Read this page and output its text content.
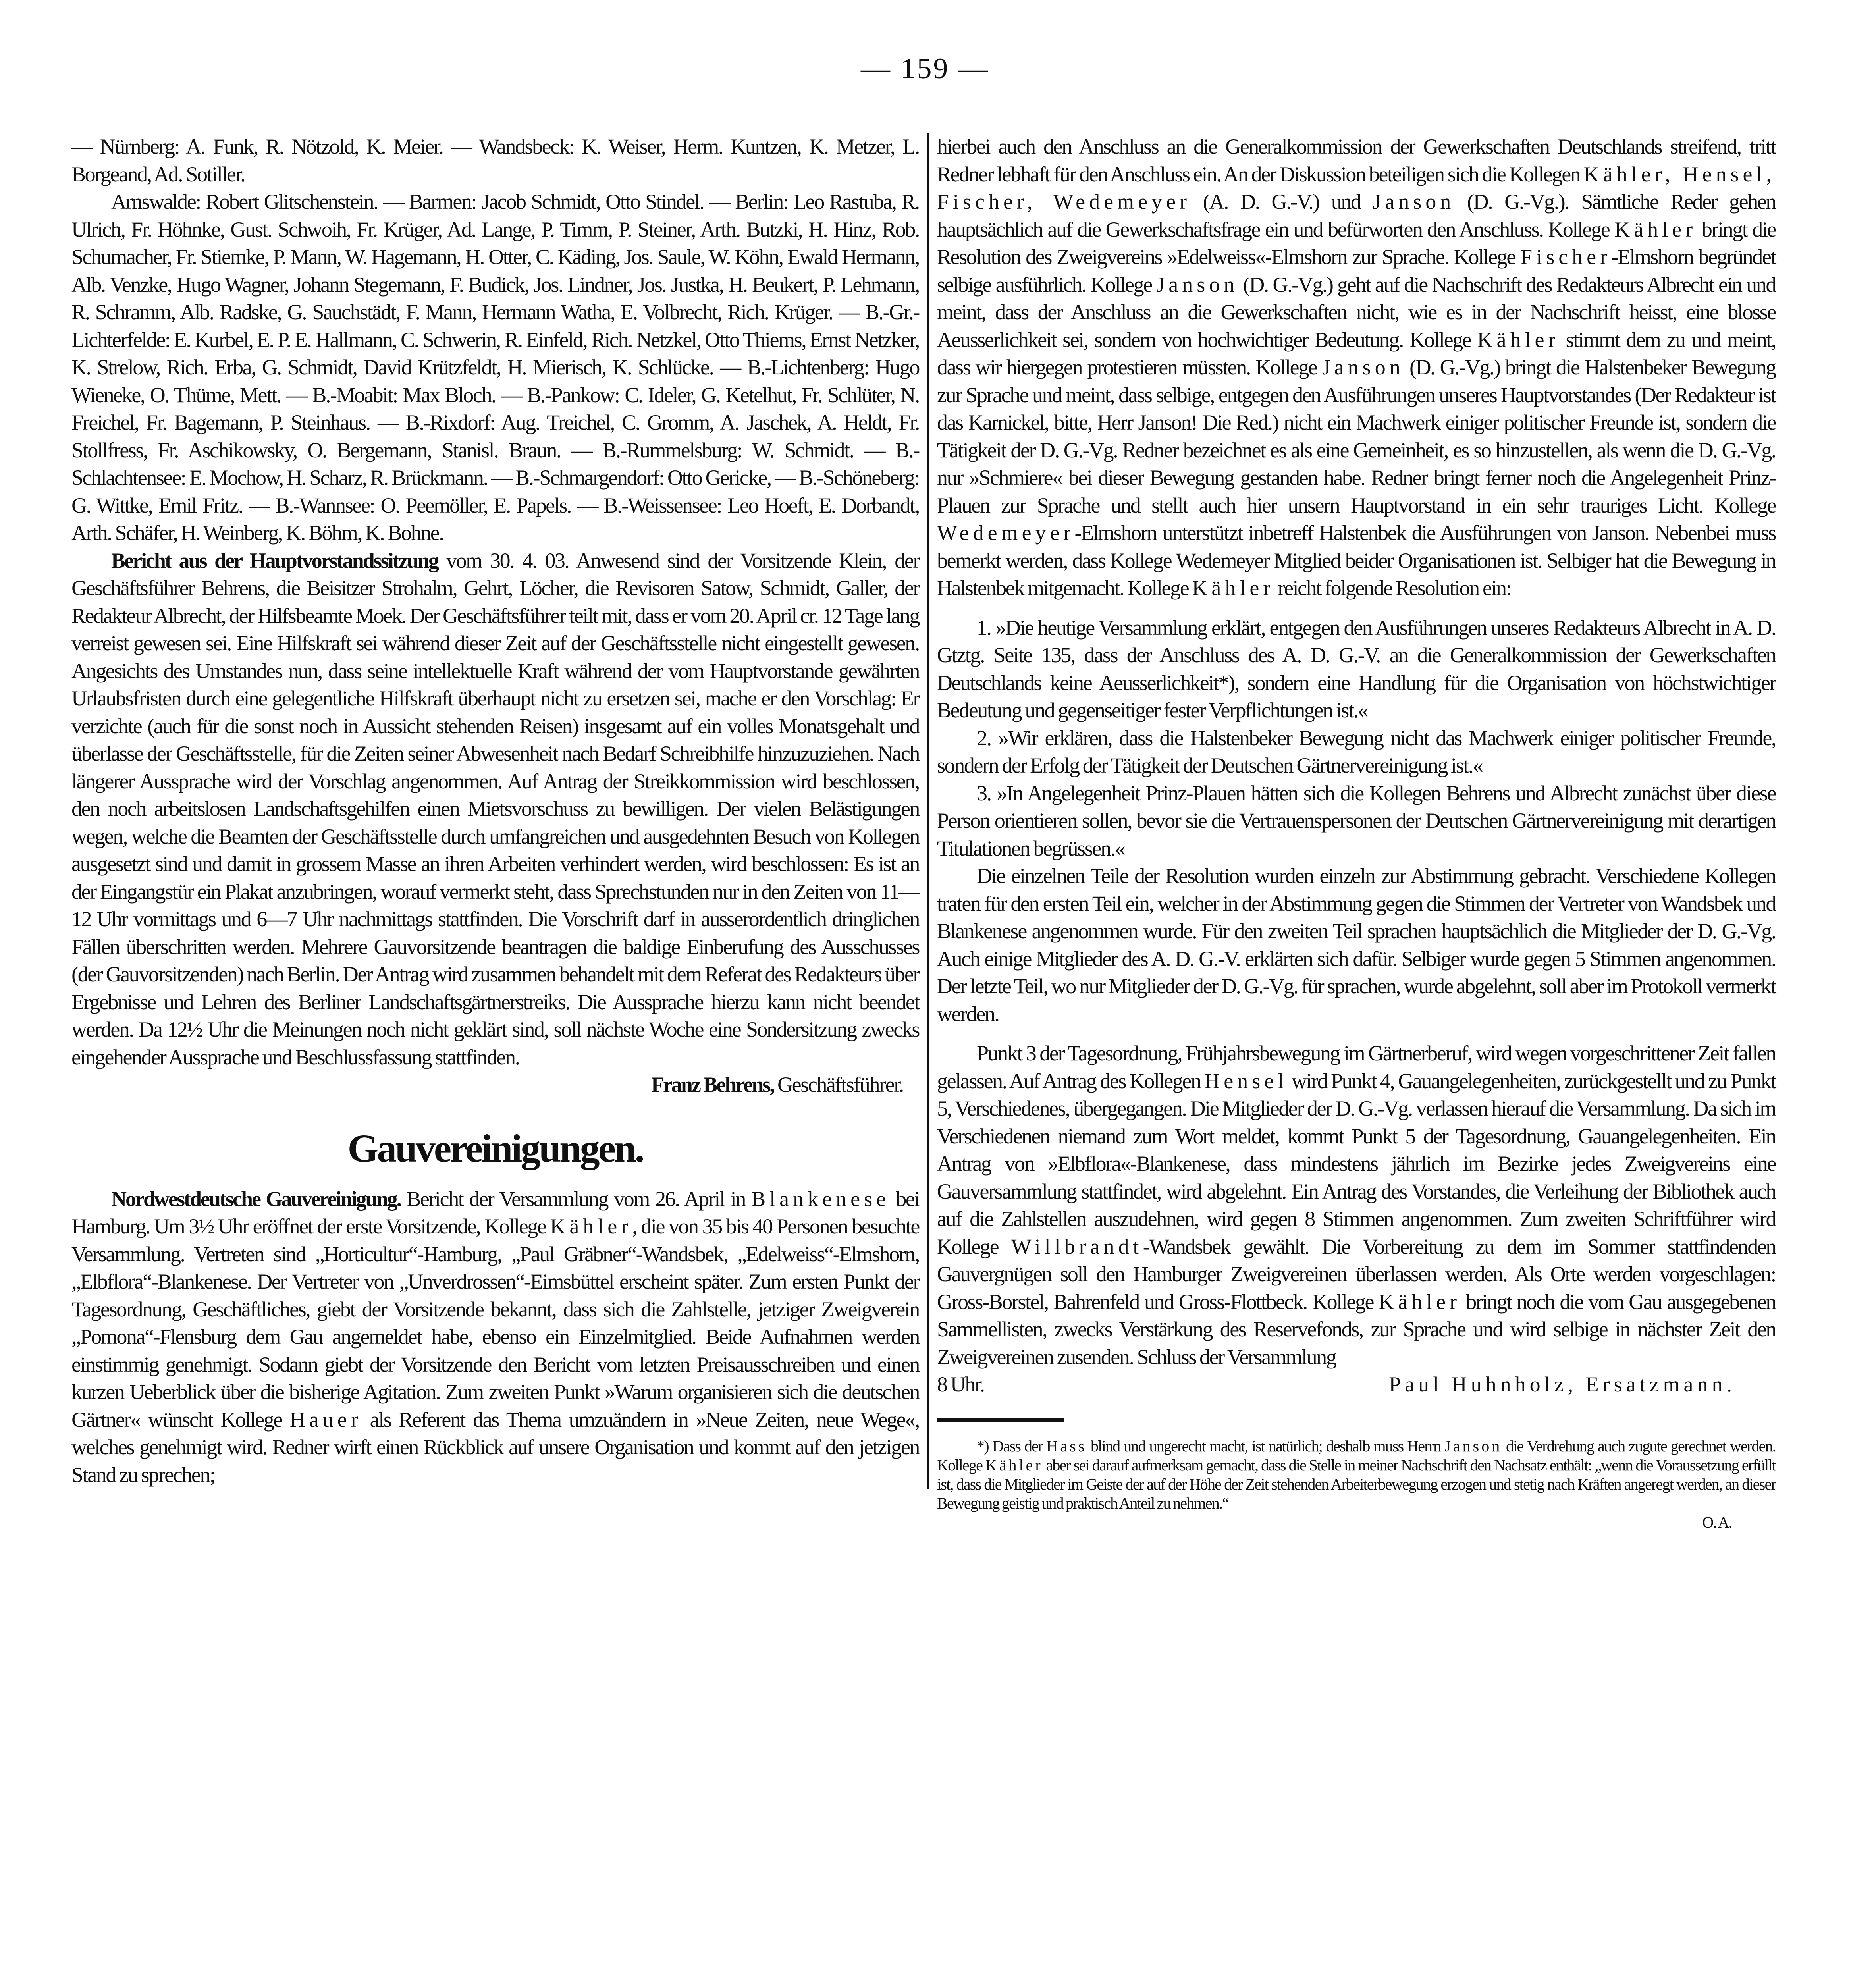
— 159 —

— Nürnberg: A. Funk, R. Nötzold, K. Meier. — Wandsbeck: K. Weiser, Herm. Kuntzen, K. Metzer, L. Borgeand, Ad. Sotiller.

Arnswalde: Robert Glitschenstein. — Barmen: Jacob Schmidt, Otto Stindel. — Berlin: Leo Rastuba, R. Ulrich, Fr. Höhnke, Gust. Schwoih, Fr. Krüger, Ad. Lange, P. Timm, P. Steiner, Arth. Butzki, H. Hinz, Rob. Schumacher, Fr. Stiemke, P. Mann, W. Hagemann, H. Otter, C. Käding, Jos. Saule, W. Köhn, Ewald Hermann, Alb. Venzke, Hugo Wagner, Johann Stegemann, F. Budick, Jos. Lindner, Jos. Justka, H. Beukert, P. Lehmann, R. Schramm, Alb. Radske, G. Sauchstädt, F. Mann, Hermann Watha, E. Volbrecht, Rich. Krüger. — B.-Gr.-Lichterfelde: E. Kurbel, E. P. E. Hallmann, C. Schwerin, R. Einfeld, Rich. Netzkel, Otto Thiems, Ernst Netzker, K. Strelow, Rich. Erba, G. Schmidt, David Krützfeldt, H. Mierisch, K. Schlücke. — B.-Lichtenberg: Hugo Wieneke, O. Thüme, Mett. — B.-Moabit: Max Bloch. — B.-Pankow: C. Ideler, G. Ketelhut, Fr. Schlüter, N. Freichel, Fr. Bagemann, P. Steinhaus. — B.-Rixdorf: Aug. Treichel, C. Gromm, A. Jaschek, A. Heldt, Fr. Stollfress, Fr. Aschikowsky, O. Bergemann, Stanisl. Braun. — B.-Rummelsburg: W. Schmidt. — B.-Schlachtensee: E. Mochow, H. Scharz, R. Brückmann. — B.-Schmargendorf: Otto Gericke, — B.-Schöneberg: G. Wittke, Emil Fritz. — B.-Wannsee: O. Peemöller, E. Papels. — B.-Weissensee: Leo Hoeft, E. Dorbandt, Arth. Schäfer, H. Weinberg, K. Böhm, K. Bohne.

Bericht aus der Hauptvorstandssitzung vom 30. 4. 03. Anwesend sind der Vorsitzende Klein, der Geschäftsführer Behrens, die Beisitzer Strohalm, Gehrt, Löcher, die Revisoren Satow, Schmidt, Galler, der Redakteur Albrecht, der Hilfsbeamte Moek. Der Geschäftsführer teilt mit, dass er vom 20. April cr. 12 Tage lang verreist gewesen sei. Eine Hilfskraft sei während dieser Zeit auf der Geschäftsstelle nicht eingestellt gewesen. Angesichts des Umstandes nun, dass seine intellektuelle Kraft während der vom Hauptvorstande gewährten Urlaubsfristen durch eine gelegentliche Hilfskraft überhaupt nicht zu ersetzen sei, mache er den Vorschlag: Er verzichte (auch für die sonst noch in Aussicht stehenden Reisen) insgesamt auf ein volles Monatsgehalt und überlasse der Geschäftsstelle, für die Zeiten seiner Abwesenheit nach Bedarf Schreibhilfe hinzuzuziehen. Nach längerer Aussprache wird der Vorschlag angenommen. Auf Antrag der Streikkommission wird beschlossen, den noch arbeitslosen Landschaftsgehilfen einen Mietsvorschuss zu bewilligen. Der vielen Belästigungen wegen, welche die Beamten der Geschäftsstelle durch umfangreichen und ausgedehnten Besuch von Kollegen ausgesetzt sind und damit in grossem Masse an ihren Arbeiten verhindert werden, wird beschlossen: Es ist an der Eingangstür ein Plakat anzubringen, worauf vermerkt steht, dass Sprechstunden nur in den Zeiten von 11—12 Uhr vormittags und 6—7 Uhr nachmittags stattfinden. Die Vorschrift darf in ausserordentlich dringlichen Fällen überschritten werden. Mehrere Gauvorsitzende beantragen die baldige Einberufung des Ausschusses (der Gauvorsitzenden) nach Berlin. Der Antrag wird zusammen behandelt mit dem Referat des Redakteurs über Ergebnisse und Lehren des Berliner Landschaftsgärtnerstreiks. Die Aussprache hierzu kann nicht beendet werden. Da 12½ Uhr die Meinungen noch nicht geklärt sind, soll nächste Woche eine Sondersitzung zwecks eingehender Aussprache und Beschlussfassung stattfinden.

Franz Behrens, Geschäftsführer.

Gauvereinigungen.

Nordwestdeutsche Gauvereinigung. Bericht der Versammlung vom 26. April in Blankenese bei Hamburg. Um 3½ Uhr eröffnet der erste Vorsitzende, Kollege Kähler, die von 35 bis 40 Personen besuchte Versammlung. Vertreten sind „Horticultur“-Hamburg, „Paul Gräbner“-Wandsbek, „Edelweiss“-Elmshorn, „Elbflora“-Blankenese. Der Vertreter von „Unverdrossen“-Eimsbüttel erscheint später. Zum ersten Punkt der Tagesordnung, Geschäftliches, giebt der Vorsitzende bekannt, dass sich die Zahlstelle, jetziger Zweigverein „Pomona“-Flensburg dem Gau angemeldet habe, ebenso ein Einzelmitglied. Beide Aufnahmen werden einstimmig genehmigt. Sodann giebt der Vorsitzende den Bericht vom letzten Preisausschreiben und einen kurzen Ueberblick über die bisherige Agitation. Zum zweiten Punkt »Warum organisieren sich die deutschen Gärtner« wünscht Kollege Hauer als Referent das Thema umzuändern in »Neue Zeiten, neue Wege«, welches genehmigt wird. Redner wirft einen Rückblick auf unsere Organisation und kommt auf den jetzigen Stand zu sprechen;

hierbei auch den Anschluss an die Generalkommission der Gewerkschaften Deutschlands streifend, tritt Redner lebhaft für den Anschluss ein. An der Diskussion beteiligen sich die Kollegen Kähler, Hensel, Fischer, Wedemeyer (A. D. G.-V.) und Janson (D. G.-Vg.). Sämtliche Reder gehen hauptsächlich auf die Gewerkschaftsfrage ein und befürworten den Anschluss. Kollege Kähler bringt die Resolution des Zweigvereins »Edelweiss«-Elmshorn zur Sprache. Kollege Fischer-Elmshorn begründet selbige ausführlich. Kollege Janson (D. G.-Vg.) geht auf die Nachschrift des Redakteurs Albrecht ein und meint, dass der Anschluss an die Gewerkschaften nicht, wie es in der Nachschrift heisst, eine blosse Aeusserlichkeit sei, sondern von hochwichtiger Bedeutung. Kollege Kähler stimmt dem zu und meint, dass wir hiergegen protestieren müssten. Kollege Janson (D. G.-Vg.) bringt die Halstenbeker Bewegung zur Sprache und meint, dass selbige, entgegen den Ausführungen unseres Hauptvorstandes (Der Redakteur ist das Karnickel, bitte, Herr Janson! Die Red.) nicht ein Machwerk einiger politischer Freunde ist, sondern die Tätigkeit der D. G.-Vg. Redner bezeichnet es als eine Gemeinheit, es so hinzustellen, als wenn die D. G.-Vg. nur »Schmiere« bei dieser Bewegung gestanden habe. Redner bringt ferner noch die Angelegenheit Prinz-Plauen zur Sprache und stellt auch hier unsern Hauptvorstand in ein sehr trauriges Licht. Kollege Wedemeyer-Elmshorn unterstützt inbetreff Halstenbek die Ausführungen von Janson. Nebenbei muss bemerkt werden, dass Kollege Wedemeyer Mitglied beider Organisationen ist. Selbiger hat die Bewegung in Halstenbek mitgemacht. Kollege Kähler reicht folgende Resolution ein:

1. »Die heutige Versammlung erklärt, entgegen den Ausführungen unseres Redakteurs Albrecht in A. D. Gtztg. Seite 135, dass der Anschluss des A. D. G.-V. an die Generalkommission der Gewerkschaften Deutschlands keine Aeusserlichkeit*), sondern eine Handlung für die Organisation von höchstwichtiger Bedeutung und gegenseitiger fester Verpflichtungen ist.«

2. »Wir erklären, dass die Halstenbeker Bewegung nicht das Machwerk einiger politischer Freunde, sondern der Erfolg der Tätigkeit der Deutschen Gärtnervereinigung ist.«

3. »In Angelegenheit Prinz-Plauen hätten sich die Kollegen Behrens und Albrecht zunächst über diese Person orientieren sollen, bevor sie die Vertrauenspersonen der Deutschen Gärtnervereinigung mit derartigen Titulationen begrüssen.«

Die einzelnen Teile der Resolution wurden einzeln zur Abstimmung gebracht. Verschiedene Kollegen traten für den ersten Teil ein, welcher in der Abstimmung gegen die Stimmen der Vertreter von Wandsbek und Blankenese angenommen wurde. Für den zweiten Teil sprachen hauptsächlich die Mitglieder der D. G.-Vg. Auch einige Mitglieder des A. D. G.-V. erklärten sich dafür. Selbiger wurde gegen 5 Stimmen angenommen. Der letzte Teil, wo nur Mitglieder der D. G.-Vg. für sprachen, wurde abgelehnt, soll aber im Protokoll vermerkt werden.

Punkt 3 der Tagesordnung, Frühjahrsbewegung im Gärtnerberuf, wird wegen vorgeschrittener Zeit fallen gelassen. Auf Antrag des Kollegen Hensel wird Punkt 4, Gauangelegenheiten, zurückgestellt und zu Punkt 5, Verschiedenes, übergegangen. Die Mitglieder der D. G.-Vg. verlassen hierauf die Versammlung. Da sich im Verschiedenen niemand zum Wort meldet, kommt Punkt 5 der Tagesordnung, Gauangelegenheiten. Ein Antrag von »Elbflora«-Blankenese, dass mindestens jährlich im Bezirke jedes Zweigvereins eine Gauversammlung stattfindet, wird abgelehnt. Ein Antrag des Vorstandes, die Verleihung der Bibliothek auch auf die Zahlstellen auszudehnen, wird gegen 8 Stimmen angenommen. Zum zweiten Schriftführer wird Kollege Willbrandt-Wandsbek gewählt. Die Vorbereitung zu dem im Sommer stattfindenden Gauvergnügen soll den Hamburger Zweigvereinen überlassen werden. Als Orte werden vorgeschlagen: Gross-Borstel, Bahrenfeld und Gross-Flottbeck. Kollege Kähler bringt noch die vom Gau ausgegebenen Sammellisten, zwecks Verstärkung des Reservefonds, zur Sprache und wird selbige in nächster Zeit den Zweigvereinen zusenden. Schluss der Versammlung

8 Uhr.	Paul Huhnholz, Ersatzmann.

*) Dass der Hass blind und ungerecht macht, ist natürlich; deshalb muss Herrn Janson die Verdrehung auch zugute gerechnet werden. Kollege Kähler aber sei darauf aufmerksam gemacht, dass die Stelle in meiner Nachschrift den Nachsatz enthält: „wenn die Voraussetzung erfüllt ist, dass die Mitglieder im Geiste der auf der Höhe der Zeit stehenden Arbeiterbewegung erzogen und stetig nach Kräften angeregt werden, an dieser Bewegung geistig und praktisch Anteil zu nehmen.“

O. A.
